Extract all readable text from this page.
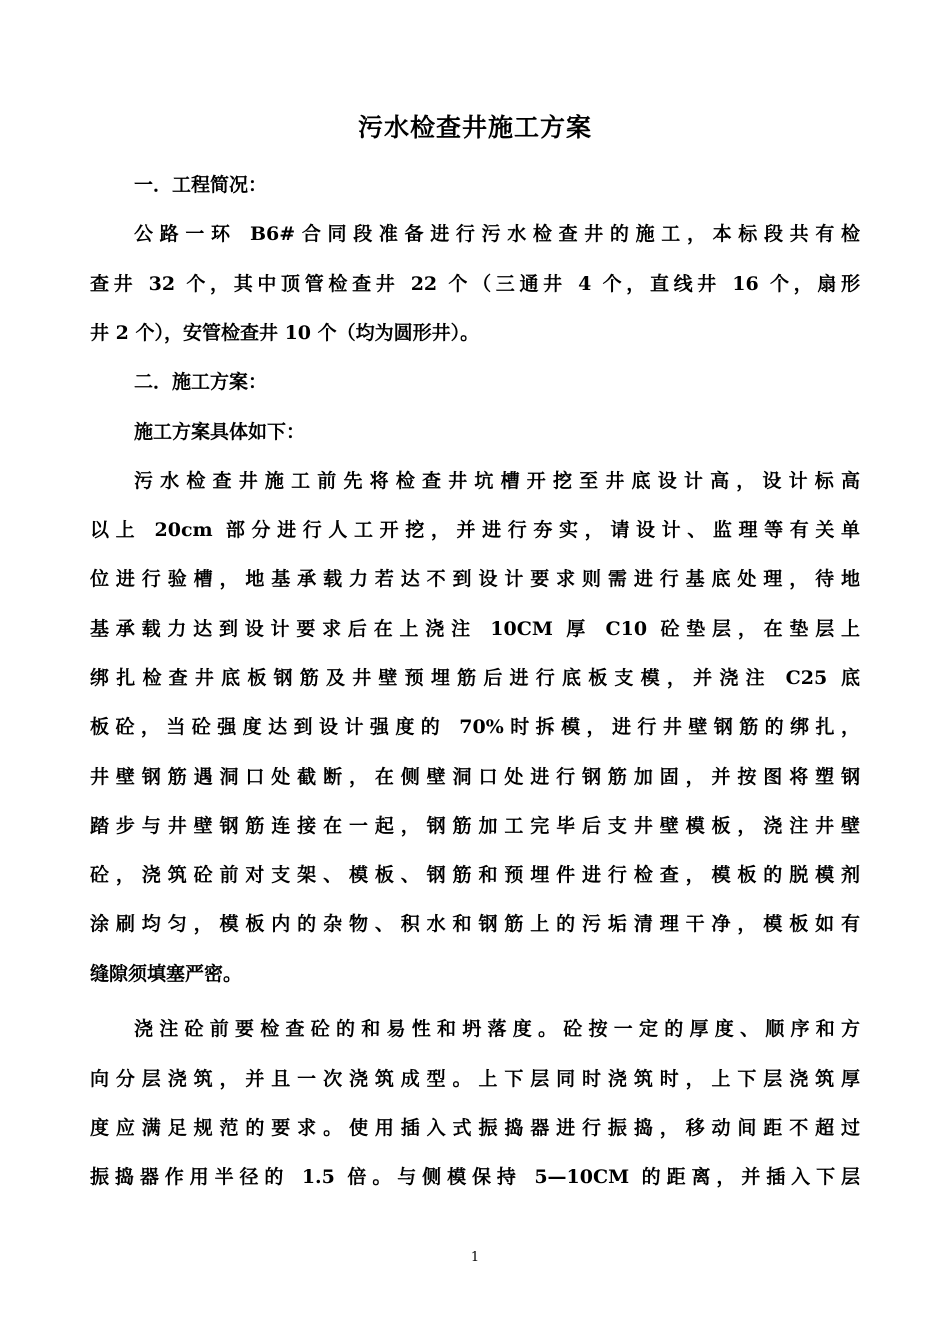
污水检查井施工方案
一．工程简况：
公路一环 B6#合同段准备进行污水检查井的施工，本标段共有检
查井 32 个，其中顶管检查井 22 个（三通井 4 个，直线井 16 个，扇形
井 2 个），安管检查井 10 个（均为圆形井）。
二．施工方案：
施工方案具体如下：
污水检查井施工前先将检查井坑槽开挖至井底设计高，设计标高
以上 20cm 部分进行人工开挖，并进行夯实，请设计、监理等有关单
位进行验槽，地基承载力若达不到设计要求则需进行基底处理，待地
基承载力达到设计要求后在上浇注 10CM 厚 C10 砼垫层，在垫层上
绑扎检查井底板钢筋及井壁预埋筋后进行底板支模，并浇注 C25 底
板砼，当砼强度达到设计强度的 70%时拆模，进行井壁钢筋的绑扎，
井壁钢筋遇洞口处截断，在侧壁洞口处进行钢筋加固，并按图将塑钢
踏步与井壁钢筋连接在一起，钢筋加工完毕后支井壁模板，浇注井壁
砼，浇筑砼前对支架、模板、钢筋和预埋件进行检查，模板的脱模剂
涂刷均匀，模板内的杂物、积水和钢筋上的污垢清理干净，模板如有
缝隙须填塞严密。
浇注砼前要检查砼的和易性和坍落度。砼按一定的厚度、顺序和方
向分层浇筑，并且一次浇筑成型。上下层同时浇筑时，上下层浇筑厚
度应满足规范的要求。使用插入式振捣器进行振捣，移动间距不超过
振捣器作用半径的 1.5 倍。与侧模保持 5—10CM 的距离，并插入下层
1
